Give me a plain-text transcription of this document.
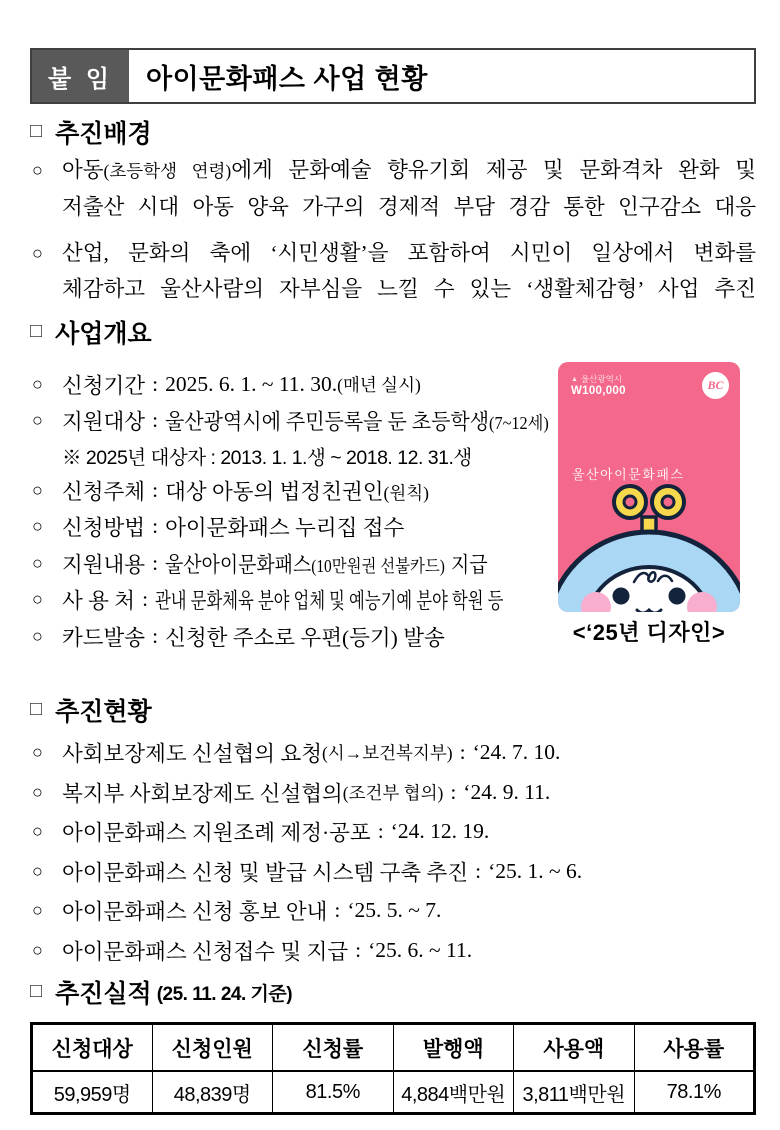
붙 임	아이문화패스 사업 현황
□ 추진배경
○ 아동(초등학생 연령)에게 문화예술 향유기회 제공 및 문화격차 완화 및
저출산 시대 아동 양육 가구의 경제적 부담 경감 통한 인구감소 대응
○ 산업, 문화의 축에 ‘시민생활’을 포함하여 시민이 일상에서 변화를
체감하고 울산사람의 자부심을 느낄 수 있는 ‘생활체감형’ 사업 추진
□ 사업개요
○ 신청기간 : 2025. 6. 1. ~ 11. 30.(매년 실시)
○ 지원대상 : 울산광역시에 주민등록을 둔 초등학생(7~12세)
※ 2025년 대상자 : 2013. 1. 1.생 ~ 2018. 12. 31.생
○ 신청주체 : 대상 아동의 법정친권인(원칙)
○ 신청방법 : 아이문화패스 누리집 접수
○ 지원내용 : 울산아이문화패스(10만원권 선불카드) 지급
○ 사 용 처 : 관내 문화체육 분야 업체 및 예능기예 분야 학원 등
○ 카드발송 : 신청한 주소로 우편(등기) 발송
▲ 울산광역시
W100,000	BC
울산아이문화패스
<‘25년 디자인>
□ 추진현황
○ 사회보장제도 신설협의 요청 (시→보건복지부) : ‘24. 7. 10.
○ 복지부 사회보장제도 신설협의 (조건부 협의) : ‘24. 9. 11.
○ 아이문화패스 지원조례 제정·공포 : ‘24. 12. 19.
○ 아이문화패스 신청 및 발급 시스템 구축 추진 : ‘25. 1. ~ 6.
○ 아이문화패스 신청 홍보 안내 : ‘25. 5. ~ 7.
○ 아이문화패스 신청접수 및 지급 : ‘25. 6. ~ 11.
□ 추진실적 (25. 11. 24. 기준)
신청대상	신청인원	신청률	발행액	사용액	사용률
59,959명	48,839명	81.5%	4,884백만원	3,811백만원	78.1%
